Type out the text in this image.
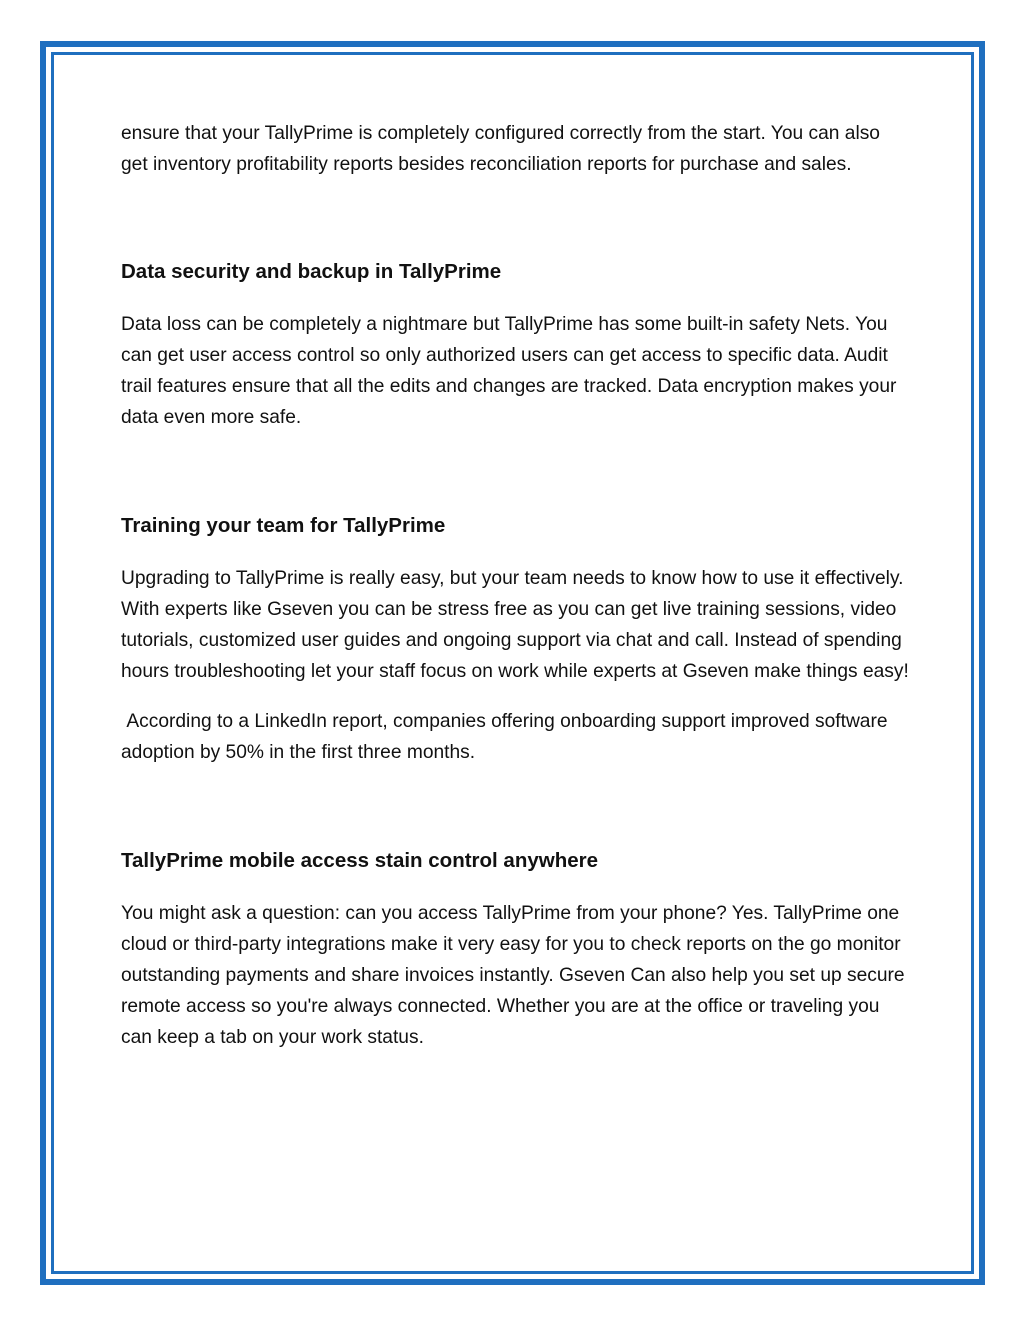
ensure that your TallyPrime is completely configured correctly from the start. You can also get inventory profitability reports besides reconciliation reports for purchase and sales.

Data security and backup in TallyPrime

Data loss can be completely a nightmare but TallyPrime has some built-in safety Nets. You can get user access control so only authorized users can get access to specific data. Audit trail features ensure that all the edits and changes are tracked. Data encryption makes your data even more safe.

Training your team for TallyPrime

Upgrading to TallyPrime is really easy, but your team needs to know how to use it effectively. With experts like Gseven you can be stress free as you can get live training sessions, video tutorials, customized user guides and ongoing support via chat and call. Instead of spending hours troubleshooting let your staff focus on work while experts at Gseven make things easy!

According to a LinkedIn report, companies offering onboarding support improved software adoption by 50% in the first three months.

TallyPrime mobile access stain control anywhere

You might ask a question: can you access TallyPrime from your phone? Yes. TallyPrime one cloud or third-party integrations make it very easy for you to check reports on the go monitor outstanding payments and share invoices instantly. Gseven Can also help you set up secure remote access so you're always connected. Whether you are at the office or traveling you can keep a tab on your work status.
